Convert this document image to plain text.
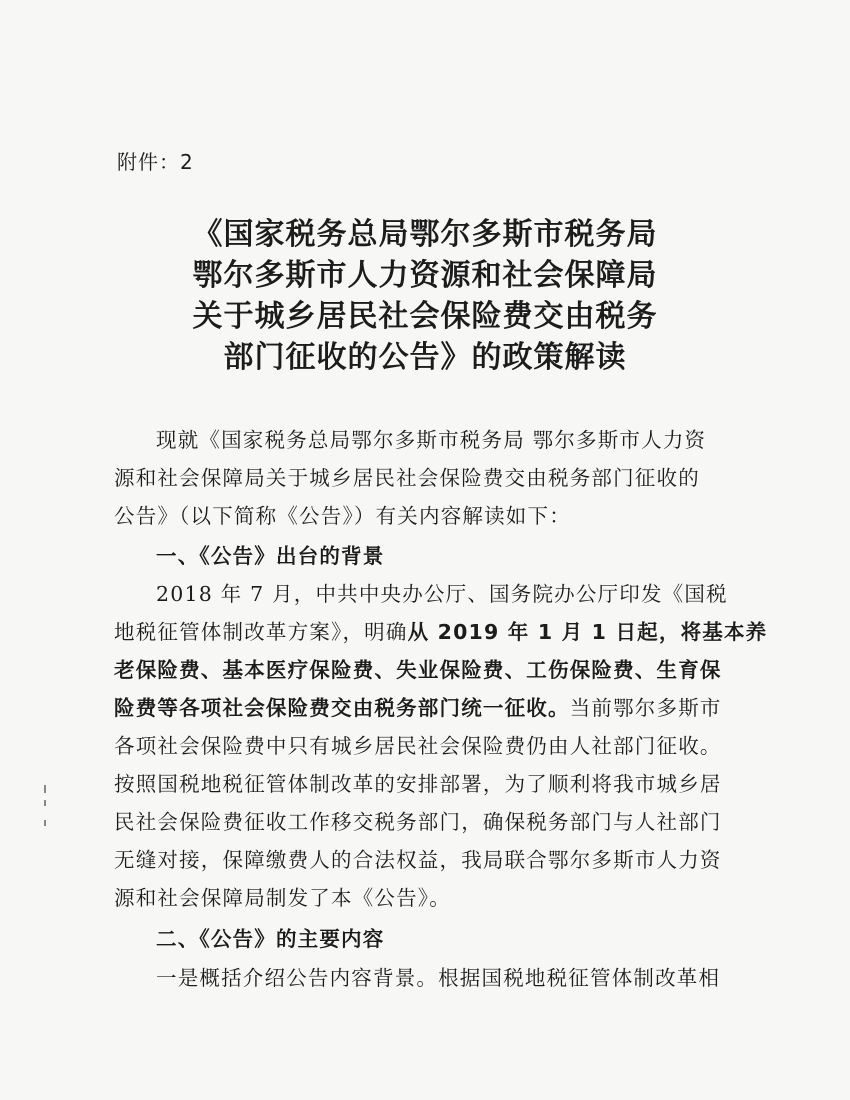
附件：2
《国家税务总局鄂尔多斯市税务局
鄂尔多斯市人力资源和社会保障局
关于城乡居民社会保险费交由税务
部门征收的公告》的政策解读
现就《国家税务总局鄂尔多斯市税务局 鄂尔多斯市人力资
源和社会保障局关于城乡居民社会保险费交由税务部门征收的
公告》（以下简称《公告》）有关内容解读如下：
一、《公告》出台的背景
2018 年 7 月，中共中央办公厅、国务院办公厅印发《国税
地税征管体制改革方案》，明确从 2019 年 1 月 1 日起，将基本养
老保险费、基本医疗保险费、失业保险费、工伤保险费、生育保
险费等各项社会保险费交由税务部门统一征收。当前鄂尔多斯市
各项社会保险费中只有城乡居民社会保险费仍由人社部门征收。
按照国税地税征管体制改革的安排部署，为了顺利将我市城乡居
民社会保险费征收工作移交税务部门，确保税务部门与人社部门
无缝对接，保障缴费人的合法权益，我局联合鄂尔多斯市人力资
源和社会保障局制发了本《公告》。
二、《公告》的主要内容
一是概括介绍公告内容背景。根据国税地税征管体制改革相
